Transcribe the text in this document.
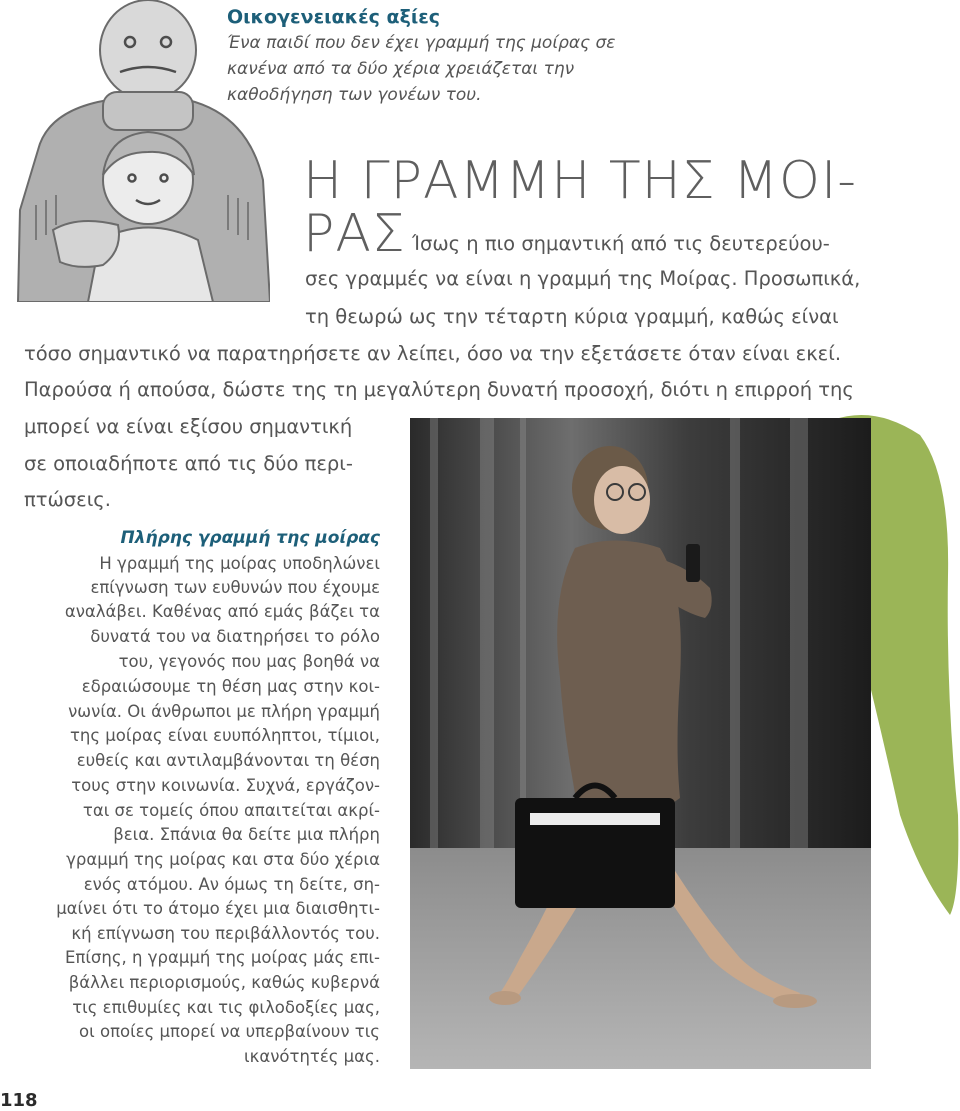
Οικογενειακές αξίες
Ένα παιδί που δεν έχει γραμμή της μοίρας σε
κανένα από τα δύο χέρια χρειάζεται την
καθοδήγηση των γονέων του.
Η ΓΡΑΜΜΗ ΤΗΣ ΜΟΙ-
ΡΑΣ Ίσως η πιο σημαντική από τις δευτερεύου-
σες γραμμές να είναι η γραμμή της Μοίρας. Προσωπικά,
τη θεωρώ ως την τέταρτη κύρια γραμμή, καθώς είναι
τόσο σημαντικό να παρατηρήσετε αν λείπει, όσο να την εξετάσετε όταν είναι εκεί.
Παρούσα ή απούσα, δώστε της τη μεγαλύτερη δυνατή προσοχή, διότι η επιρροή της
μπορεί να είναι εξίσου σημαντική
σε οποιαδήποτε από τις δύο περι-
πτώσεις.
Πλήρης γραμμή της μοίρας
Η γραμμή της μοίρας υποδηλώνει
επίγνωση των ευθυνών που έχουμε
αναλάβει. Καθένας από εμάς βάζει τα
δυνατά του να διατηρήσει το ρόλο
του, γεγονός που μας βοηθά να
εδραιώσουμε τη θέση μας στην κοι-
νωνία. Οι άνθρωποι με πλήρη γραμμή
της μοίρας είναι ευυπόληπτοι, τίμιοι,
ευθείς και αντιλαμβάνονται τη θέση
τους στην κοινωνία. Συχνά, εργάζον-
ται σε τομείς όπου απαιτείται ακρί-
βεια. Σπάνια θα δείτε μια πλήρη
γραμμή της μοίρας και στα δύο χέρια
ενός ατόμου. Αν όμως τη δείτε, ση-
μαίνει ότι το άτομο έχει μια διαισθητι-
κή επίγνωση του περιβάλλοντός του.
Επίσης, η γραμμή της μοίρας μάς επι-
βάλλει περιορισμούς, καθώς κυβερνά
τις επιθυμίες και τις φιλοδοξίες μας,
οι οποίες μπορεί να υπερβαίνουν τις
ικανότητές μας.
118
